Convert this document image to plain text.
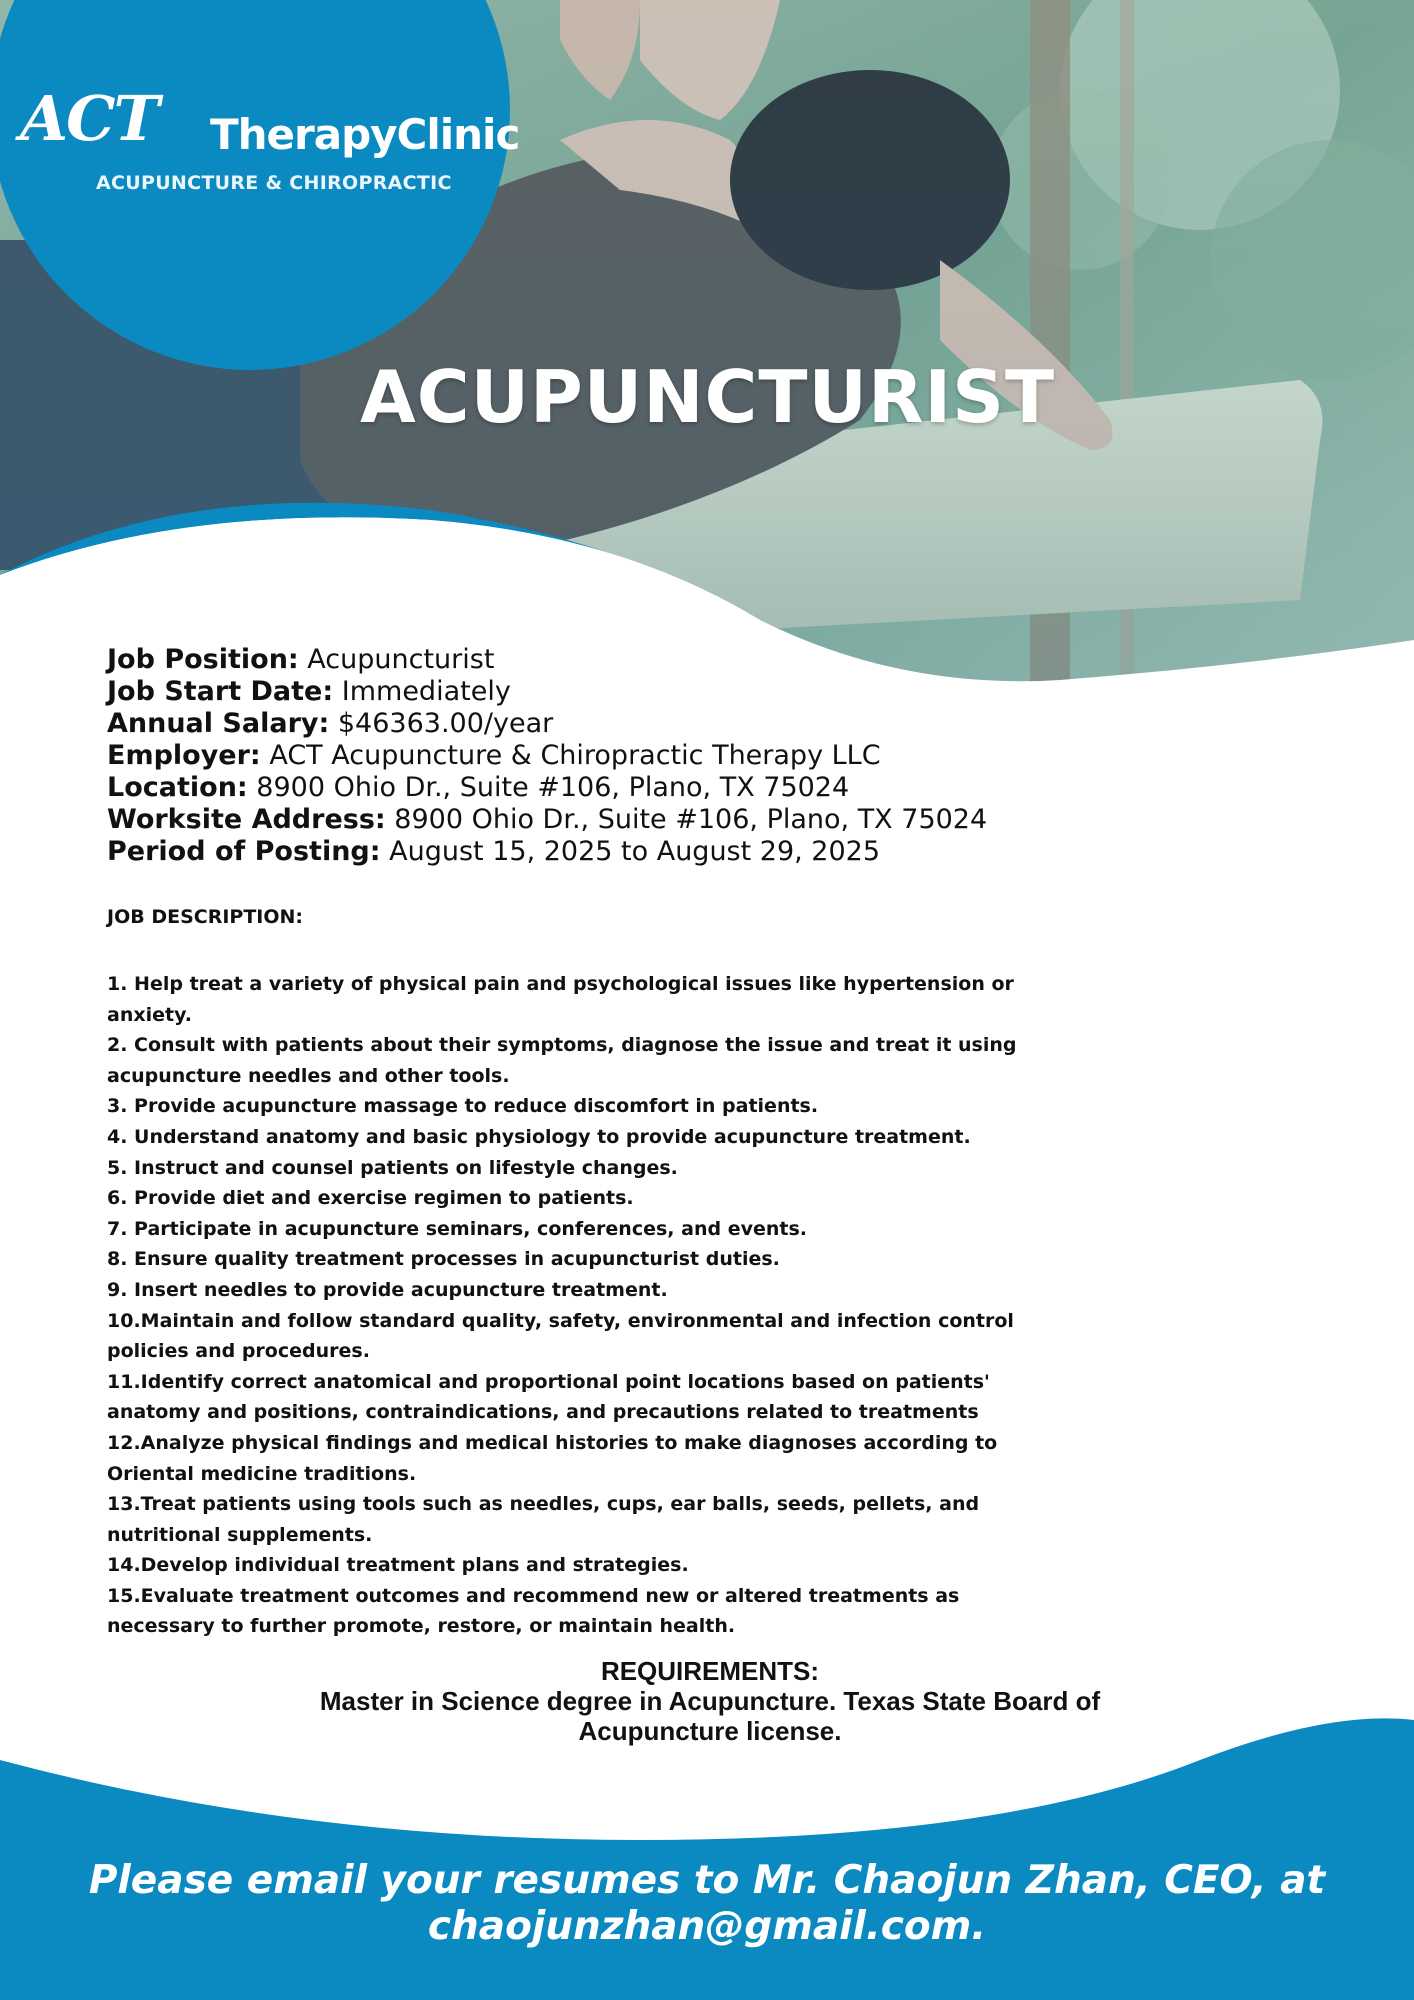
ACT TherapyClinic
ACUPUNCTURE & CHIROPRACTIC
ACUPUNCTURIST
Job Position: Acupuncturist
Job Start Date: Immediately
Annual Salary: $46363.00/year
Employer: ACT Acupuncture & Chiropractic Therapy LLC
Location: 8900 Ohio Dr., Suite #106, Plano, TX 75024
Worksite Address: 8900 Ohio Dr., Suite #106, Plano, TX 75024
Period of Posting: August 15, 2025 to August 29, 2025
JOB DESCRIPTION:
1. Help treat a variety of physical pain and psychological issues like hypertension or
anxiety.
2. Consult with patients about their symptoms, diagnose the issue and treat it using
acupuncture needles and other tools.
3. Provide acupuncture massage to reduce discomfort in patients.
4. Understand anatomy and basic physiology to provide acupuncture treatment.
5. Instruct and counsel patients on lifestyle changes.
6. Provide diet and exercise regimen to patients.
7. Participate in acupuncture seminars, conferences, and events.
8. Ensure quality treatment processes in acupuncturist duties.
9. Insert needles to provide acupuncture treatment.
10.Maintain and follow standard quality, safety, environmental and infection control
policies and procedures.
11.Identify correct anatomical and proportional point locations based on patients'
anatomy and positions, contraindications, and precautions related to treatments
12.Analyze physical findings and medical histories to make diagnoses according to
Oriental medicine traditions.
13.Treat patients using tools such as needles, cups, ear balls, seeds, pellets, and
nutritional supplements.
14.Develop individual treatment plans and strategies.
15.Evaluate treatment outcomes and recommend new or altered treatments as
necessary to further promote, restore, or maintain health.
REQUIREMENTS:
Master in Science degree in Acupuncture. Texas State Board of
Acupuncture license.
Please email your resumes to Mr. Chaojun Zhan, CEO, at
chaojunzhan@gmail.com.
